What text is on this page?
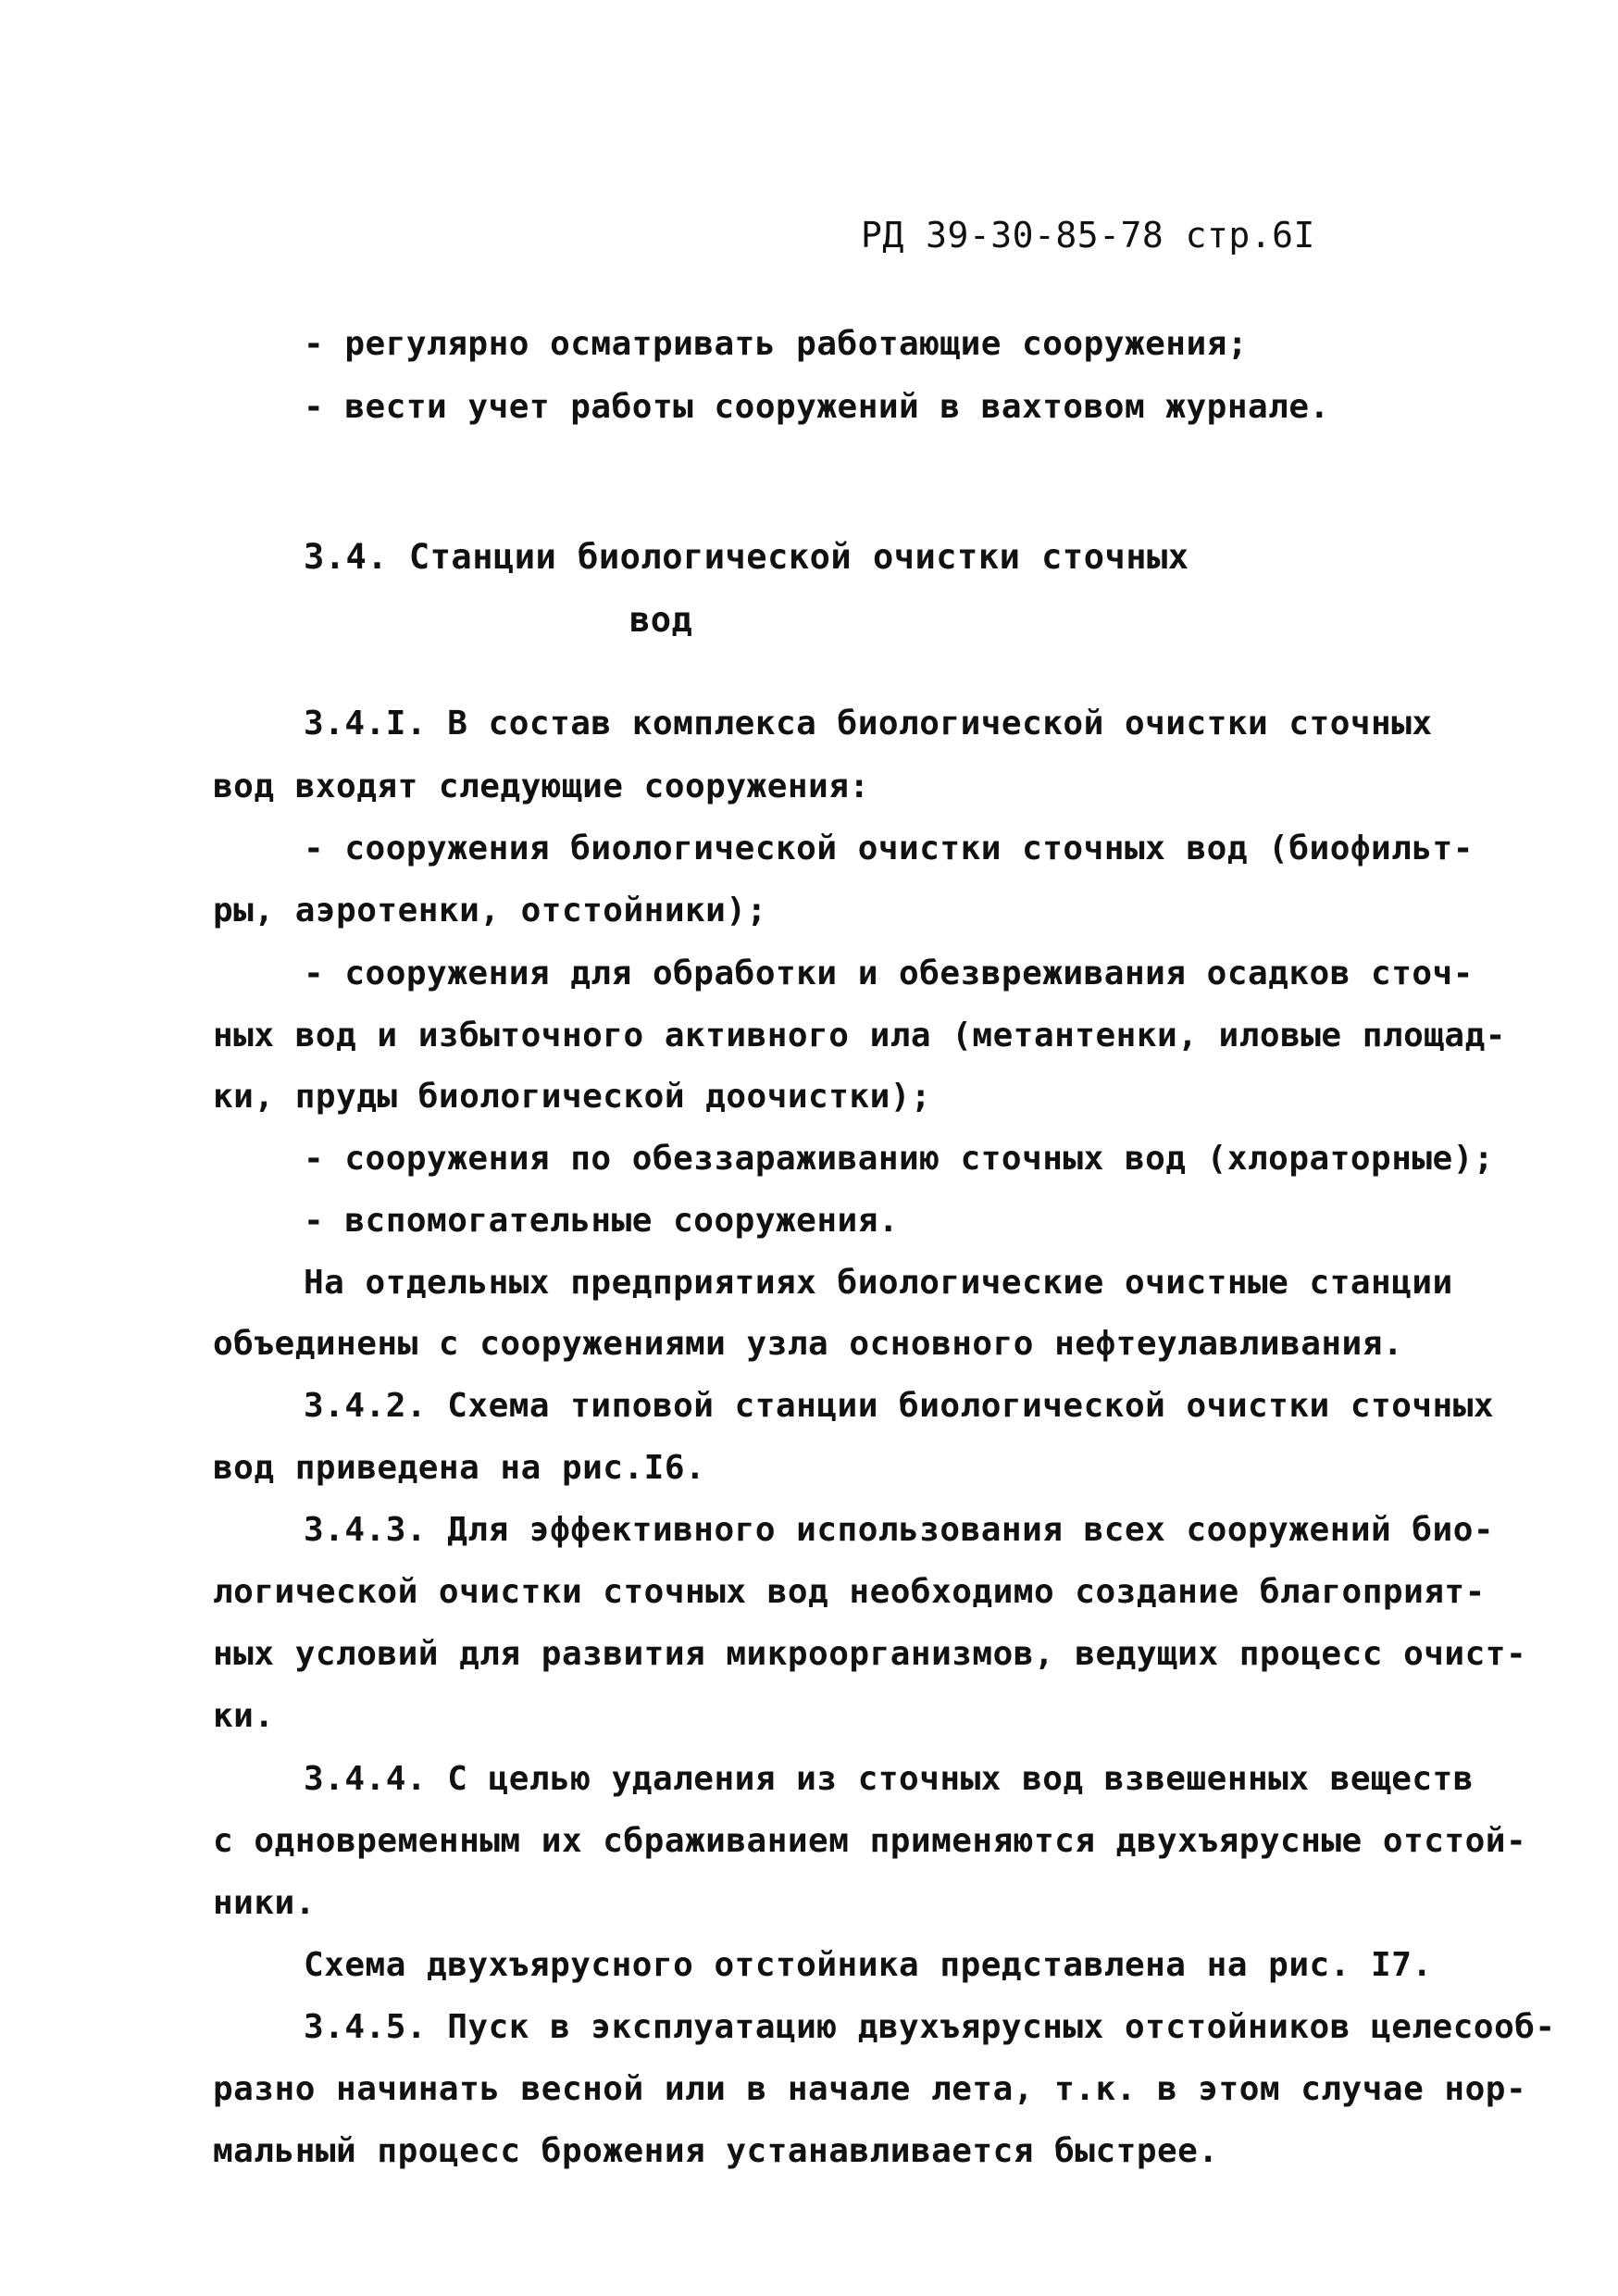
РД 39-30-85-78 стр.6I
- регулярно осматривать работающие сооружения;
- вести учет работы сооружений в вахтовом журнале.
3.4. Станции биологической очистки сточных
вод
3.4.I. В состав комплекса биологической очистки сточных
вод входят следующие сооружения:
- сооружения биологической очистки сточных вод (биофильт-
ры, аэротенки, отстойники);
- сооружения для обработки и обезвреживания осадков сточ-
ных вод и избыточного активного ила (метантенки, иловые площад-
ки, пруды биологической доочистки);
- сооружения по обеззараживанию сточных вод (хлораторные);
- вспомогательные сооружения.
На отдельных предприятиях биологические очистные станции
объединены с сооружениями узла основного нефтеулавливания.
3.4.2. Схема типовой станции биологической очистки сточных
вод приведена на рис.I6.
3.4.3. Для эффективного использования всех сооружений био-
логической очистки сточных вод необходимо создание благоприят-
ных условий для развития микроорганизмов, ведущих процесс очист-
ки.
3.4.4. С целью удаления из сточных вод взвешенных веществ
с одновременным их сбраживанием применяются двухъярусные отстой-
ники.
Схема двухъярусного отстойника представлена на рис. I7.
3.4.5. Пуск в эксплуатацию двухъярусных отстойников целесооб-
разно начинать весной или в начале лета, т.к. в этом случае нор-
мальный процесс брожения устанавливается быстрее.
